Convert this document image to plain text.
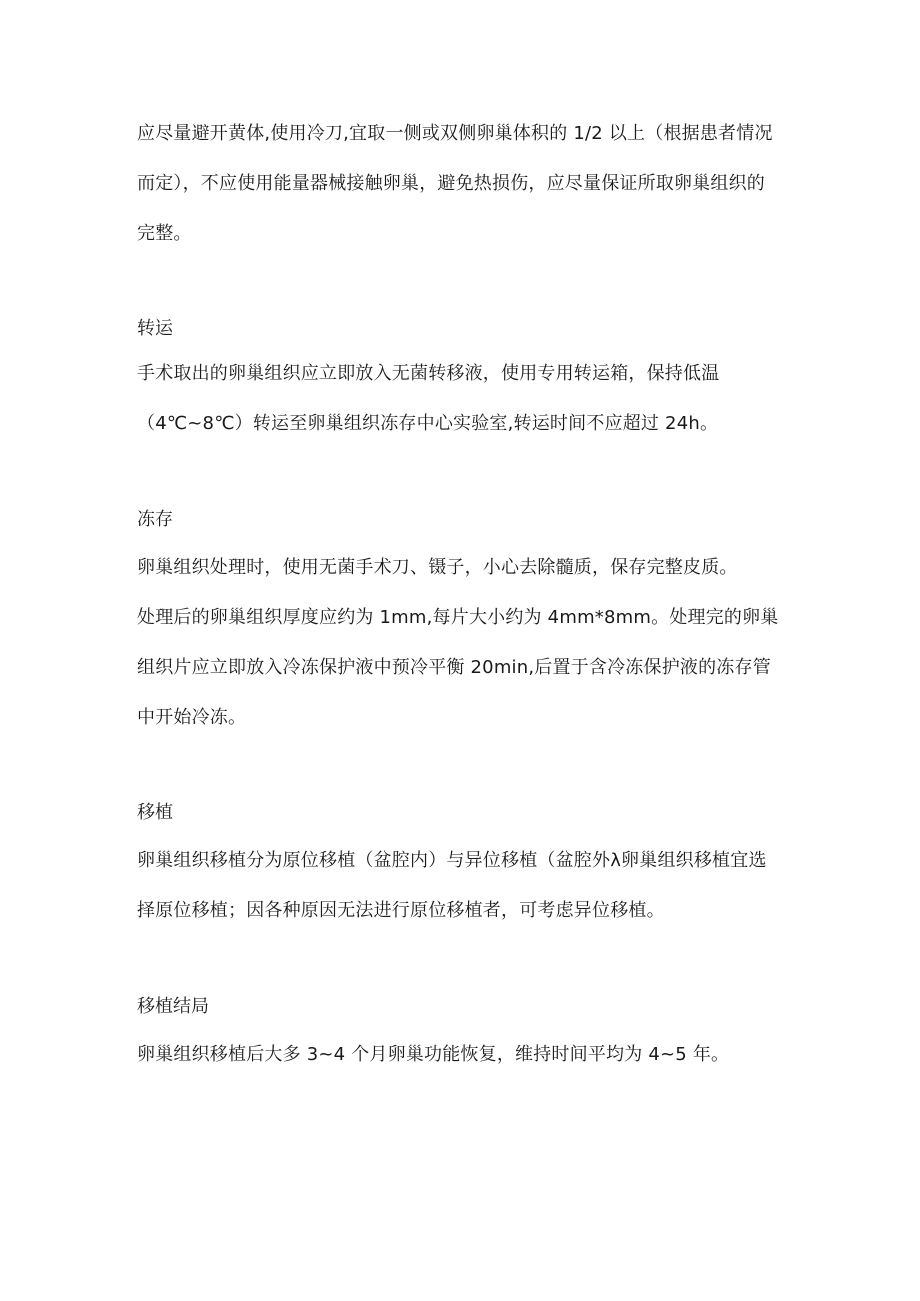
应尽量避开黄体,使用冷刀,宜取一侧或双侧卵巢体积的 1/2 以上（根据患者情况
而定），不应使用能量器械接触卵巢，避免热损伤，应尽量保证所取卵巢组织的
完整。
转运
手术取出的卵巢组织应立即放入无菌转移液，使用专用转运箱，保持低温
（4℃~8℃）转运至卵巢组织冻存中心实验室,转运时间不应超过 24h。
冻存
卵巢组织处理时，使用无菌手术刀、镊子，小心去除髓质，保存完整皮质。
处理后的卵巢组织厚度应约为 1mm,每片大小约为 4mm*8mm。处理完的卵巢
组织片应立即放入冷冻保护液中预冷平衡 20min,后置于含冷冻保护液的冻存管
中开始冷冻。
移植
卵巢组织移植分为原位移植（盆腔内）与异位移植（盆腔外λ卵巢组织移植宜选
择原位移植；因各种原因无法进行原位移植者，可考虑异位移植。
移植结局
卵巢组织移植后大多 3~4 个月卵巢功能恢复，维持时间平均为 4~5 年。
